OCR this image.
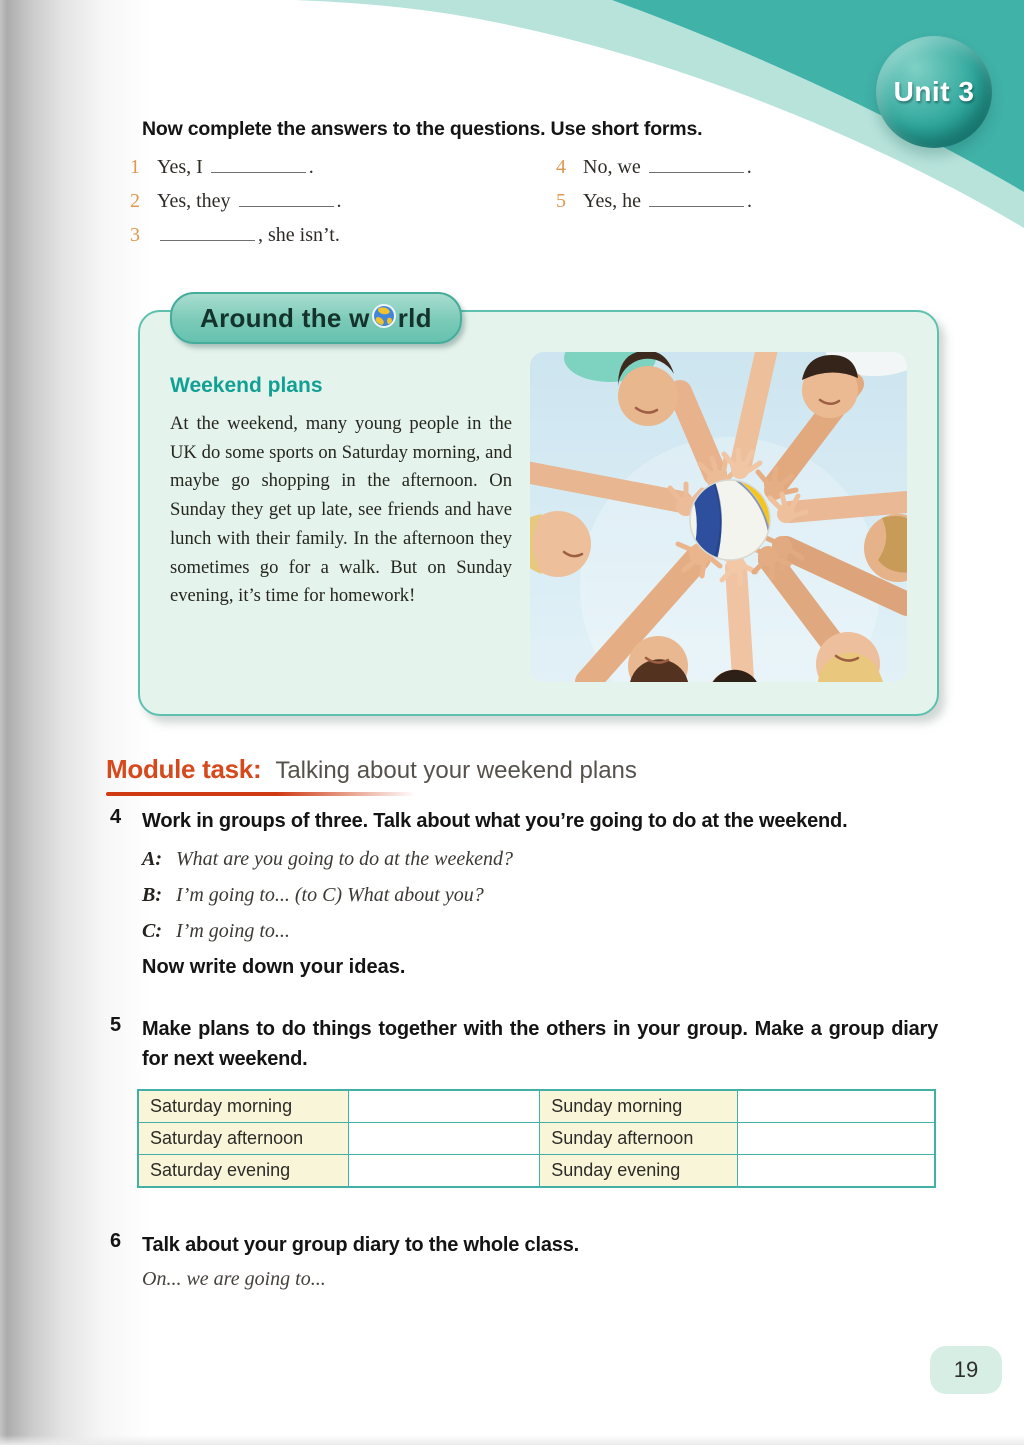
Unit 3
Now complete the answers to the questions. Use short forms.
1 Yes, I	.
2 Yes, they	.
3	, she isn’t.
4 No, we	.
5 Yes, he	.
Weekend plans

At the weekend, many young people in the UK do some sports on Saturday morning, and maybe go shopping in the afternoon. On Sunday they get up late, see friends and have lunch with their family. In the afternoon they sometimes go for a walk. But on Sunday evening, it’s time for homework!

Around the w rld
Module task: Talking about your weekend plans
4	Work in groups of three. Talk about what you’re going to do at the weekend.

A: What are you going to do at the weekend?
B: I’m going to... (to C) What about you?
C: I’m going to...

Now write down your ideas.

5	Make plans to do things together with the others in your group. Make a group diary for next weekend.

Saturday morning		Sunday morning	
Saturday afternoon		Sunday afternoon	
Saturday evening		Sunday evening	
6	Talk about your group diary to the whole class.

On... we are going to...

19
